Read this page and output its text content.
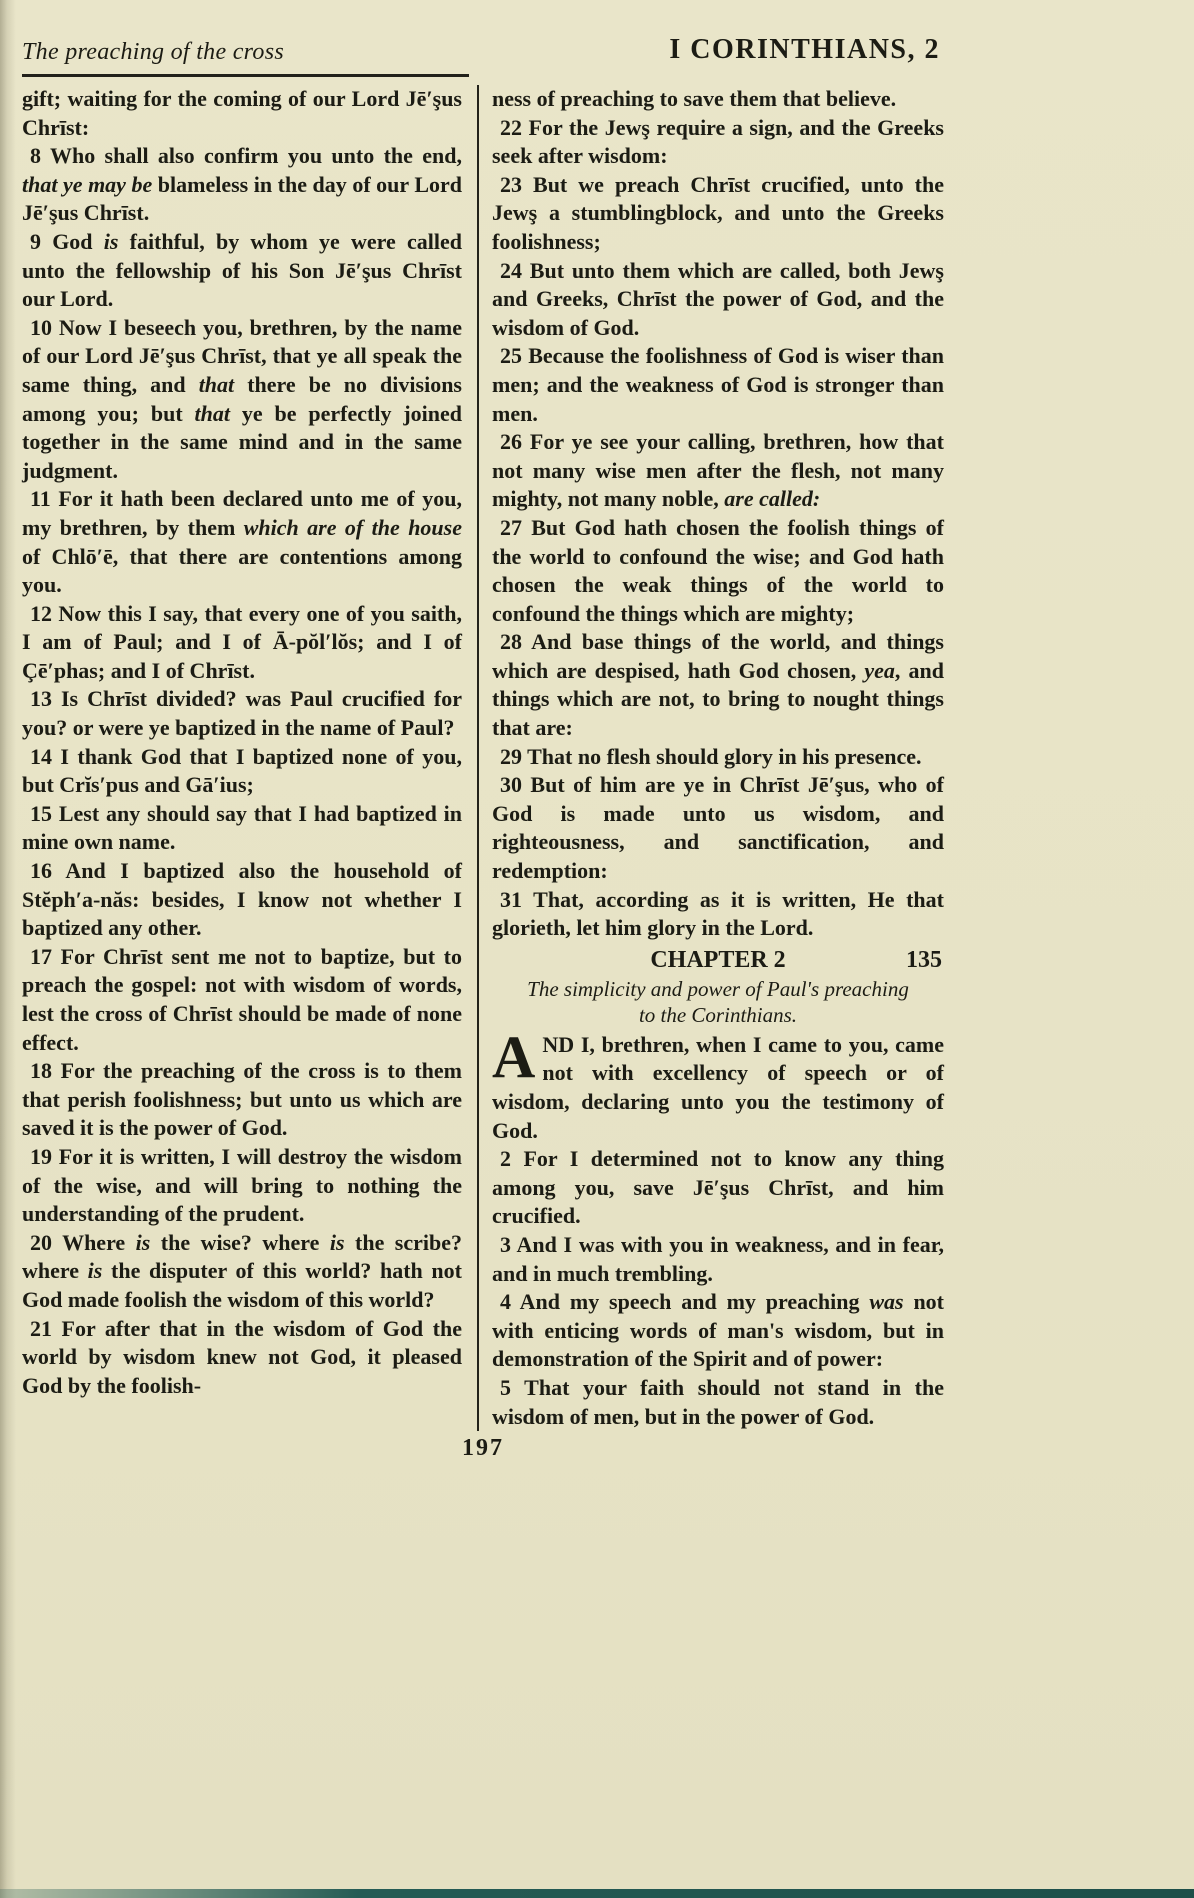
The preaching of the cross	I CORINTHIANS, 2

gift; waiting for the coming of our Lord Jē′şus Chrīst:

8 Who shall also confirm you unto the end, that ye may be blameless in the day of our Lord Jē′şus Chrīst.

9 God is faithful, by whom ye were called unto the fellowship of his Son Jē′şus Chrīst our Lord.

10 Now I beseech you, brethren, by the name of our Lord Jē′şus Chrīst, that ye all speak the same thing, and that there be no divisions among you; but that ye be perfectly joined together in the same mind and in the same judgment.

11 For it hath been declared unto me of you, my brethren, by them which are of the house of Chlō′ē, that there are contentions among you.

12 Now this I say, that every one of you saith, I am of Paul; and I of Ā-pŏl′lŏs; and I of Çē′phas; and I of Chrīst.

13 Is Chrīst divided? was Paul crucified for you? or were ye baptized in the name of Paul?

14 I thank God that I baptized none of you, but Crĭs′pus and Gā′ius;

15 Lest any should say that I had baptized in mine own name.

16 And I baptized also the household of Stĕph′a-năs: besides, I know not whether I baptized any other.

17 For Chrīst sent me not to baptize, but to preach the gospel: not with wisdom of words, lest the cross of Chrīst should be made of none effect.

18 For the preaching of the cross is to them that perish foolishness; but unto us which are saved it is the power of God.

19 For it is written, I will destroy the wisdom of the wise, and will bring to nothing the understanding of the prudent.

20 Where is the wise? where is the scribe? where is the disputer of this world? hath not God made foolish the wisdom of this world?

21 For after that in the wisdom of God the world by wisdom knew not God, it pleased God by the foolish-

ness of preaching to save them that believe.

22 For the Jewş require a sign, and the Greeks seek after wisdom:

23 But we preach Chrīst crucified, unto the Jewş a stumblingblock, and unto the Greeks foolishness;

24 But unto them which are called, both Jewş and Greeks, Chrīst the power of God, and the wisdom of God.

25 Because the foolishness of God is wiser than men; and the weakness of God is stronger than men.

26 For ye see your calling, brethren, how that not many wise men after the flesh, not many mighty, not many noble, are called:

27 But God hath chosen the foolish things of the world to confound the wise; and God hath chosen the weak things of the world to confound the things which are mighty;

28 And base things of the world, and things which are despised, hath God chosen, yea, and things which are not, to bring to nought things that are:

29 That no flesh should glory in his presence.

30 But of him are ye in Chrīst Jē′şus, who of God is made unto us wisdom, and righteousness, and sanctification, and redemption:

31 That, according as it is written, He that glorieth, let him glory in the Lord.

CHAPTER 2	135

The simplicity and power of Paul's preaching to the Corinthians.

AND I, brethren, when I came to you, came not with excellency of speech or of wisdom, declaring unto you the testimony of God.

2 For I determined not to know any thing among you, save Jē′şus Chrīst, and him crucified.

3 And I was with you in weakness, and in fear, and in much trembling.

4 And my speech and my preaching was not with enticing words of man's wisdom, but in demonstration of the Spirit and of power:

5 That your faith should not stand in the wisdom of men, but in the power of God.

197
